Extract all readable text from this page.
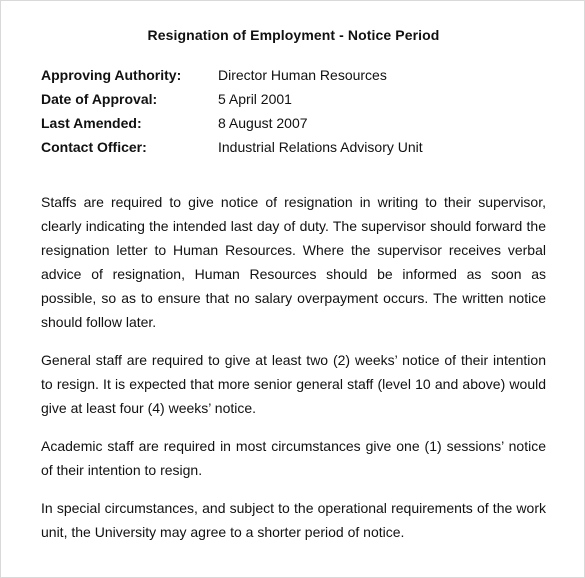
Resignation of Employment - Notice Period
Approving Authority:	Director Human Resources
Date of Approval:	5 April 2001
Last Amended:	8 August 2007
Contact Officer:	Industrial Relations Advisory Unit

Staffs are required to give notice of resignation in writing to their supervisor, clearly indicating the intended last day of duty. The supervisor should forward the resignation letter to Human Resources. Where the supervisor receives verbal advice of resignation, Human Resources should be informed as soon as possible, so as to ensure that no salary overpayment occurs. The written notice should follow later.

General staff are required to give at least two (2) weeks’ notice of their intention to resign. It is expected that more senior general staff (level 10 and above) would give at least four (4) weeks’ notice.

Academic staff are required in most circumstances give one (1) sessions’ notice of their intention to resign.

In special circumstances, and subject to the operational requirements of the work unit, the University may agree to a shorter period of notice.
